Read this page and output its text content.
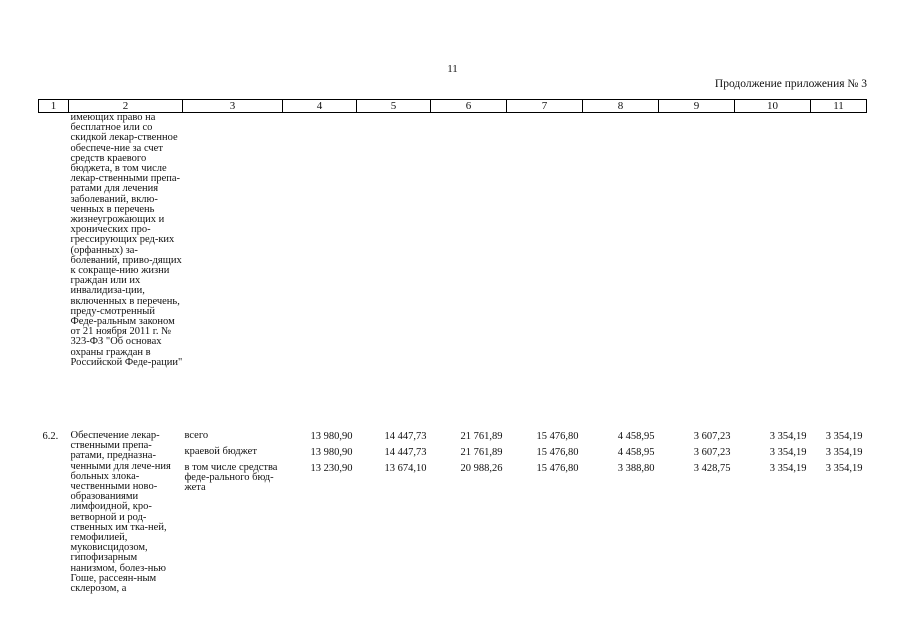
11
Продолжение приложения № 3
1	2	3	4	5	6	7	8	9	10	11
	имеющих право на бесплатное или со скидкой лекар-ственное обеспече-ние за счет средств краевого бюджета, в том числе лекар-ственными препа-ратами для лечения заболеваний, вклю-ченных в перечень жизнеугрожающих и хронических про-грессирующих ред-ких (орфанных) за-болеваний, приво-дящих к сокраще-нию жизни граждан или их инвалидиза-ции, включенных в перечень, преду-смотренный Феде-ральным законом от 21 ноября 2011 г. № 323-ФЗ "Об основах охраны граждан в Российской Феде-рации"									

6.2.	Обеспечение лекар-ственными препа-ратами, предназна-ченными для лече-ния больных злока-чественными ново-образованиями лимфоидной, кро-ветворной и род-ственных им тка-ней, гемофилией, муковисцидозом, гипофизарным нанизмом, болез-нью Гоше, рассеян-ным склерозом, а	всего	13 980,90	14 447,73	21 761,89	15 476,80	4 458,95	3 607,23	3 354,19	3 354,19
		краевой бюджет	13 980,90	14 447,73	21 761,89	15 476,80	4 458,95	3 607,23	3 354,19	3 354,19
		в том числе средства феде-рального бюд-жета	13 230,90	13 674,10	20 988,26	15 476,80	3 388,80	3 428,75	3 354,19	3 354,19
